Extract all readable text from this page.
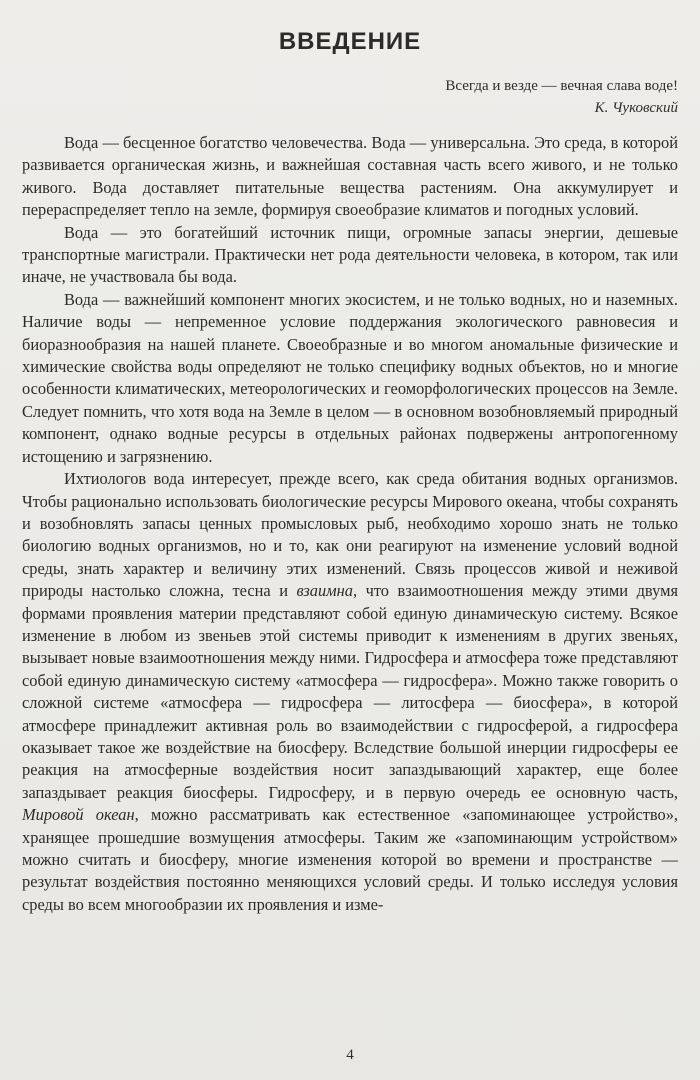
ВВЕДЕНИЕ
Всегда и везде — вечная слава воде!
К. Чуковский

Вода — бесценное богатство человечества. Вода — универсальна. Это среда, в которой развивается органическая жизнь, и важнейшая составная часть всего живого, и не только живого. Вода доставляет питательные вещества растениям. Она аккумулирует и перераспределяет тепло на земле, формируя своеобразие климатов и погодных условий.

Вода — это богатейший источник пищи, огромные запасы энергии, дешевые транспортные магистрали. Практически нет рода деятельности человека, в котором, так или иначе, не участвовала бы вода.

Вода — важнейший компонент многих экосистем, и не только водных, но и наземных. Наличие воды — непременное условие поддержания экологического равновесия и биоразнообразия на нашей планете. Своеобразные и во многом аномальные физические и химические свойства воды определяют не только специфику водных объектов, но и многие особенности климатических, метеорологических и геоморфологических процессов на Земле. Следует помнить, что хотя вода на Земле в целом — в основном возобновляемый природный компонент, однако водные ресурсы в отдельных районах подвержены антропогенному истощению и загрязнению.

Ихтиологов вода интересует, прежде всего, как среда обитания водных организмов. Чтобы рационально использовать биологические ресурсы Мирового океана, чтобы сохранять и возобновлять запасы ценных промысловых рыб, необходимо хорошо знать не только биологию водных организмов, но и то, как они реагируют на изменение условий водной среды, знать характер и величину этих изменений. Связь процессов живой и неживой природы настолько сложна, тесна и взаимна, что взаимоотношения между этими двумя формами проявления материи представляют собой единую динамическую систему. Всякое изменение в любом из звеньев этой системы приводит к изменениям в других звеньях, вызывает новые взаимоотношения между ними. Гидросфера и атмосфера тоже представляют собой единую динамическую систему «атмосфера — гидросфера». Можно также говорить о сложной системе «атмосфера — гидросфера — литосфера — биосфера», в которой атмосфере принадлежит активная роль во взаимодействии с гидросферой, а гидросфера оказывает такое же воздействие на биосферу. Вследствие большой инерции гидросферы ее реакция на атмосферные воздействия носит запаздывающий характер, еще более запаздывает реакция биосферы. Гидросферу, и в первую очередь ее основную часть, Мировой океан, можно рассматривать как естественное «запоминающее устройство», хранящее прошедшие возмущения атмосферы. Таким же «запоминающим устройством» можно считать и биосферу, многие изменения которой во времени и пространстве — результат воздействия постоянно меняющихся условий среды. И только исследуя условия среды во всем многообразии их проявления и изме-

4
